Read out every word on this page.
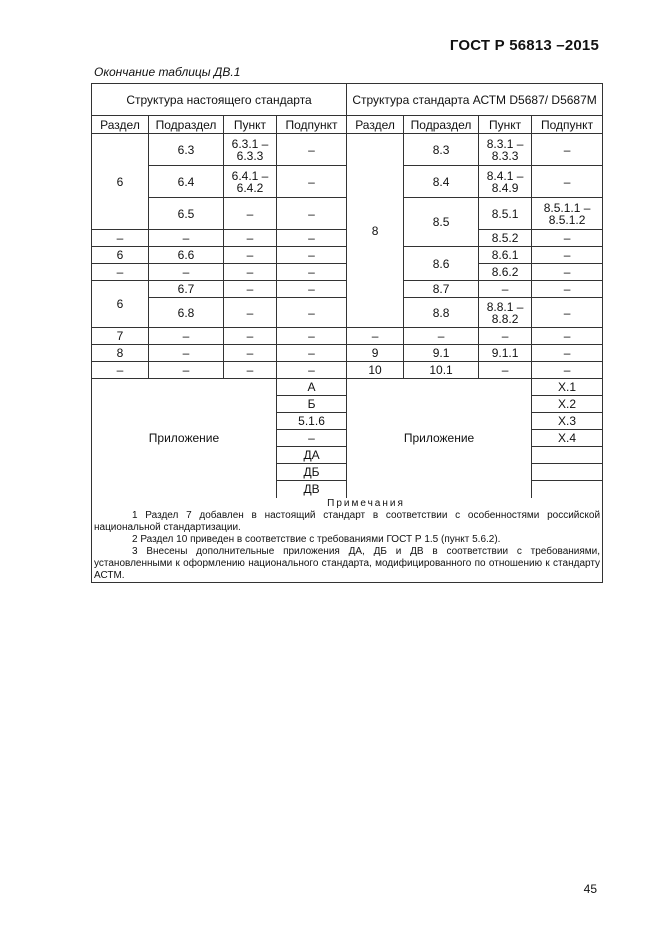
ГОСТ Р 56813 –2015
Окончание таблицы ДВ.1
Структура настоящего стандарта				Структура стандарта АСТМ D5687/ D5687M			
Раздел	Подраздел	Пункт	Подпункт	Раздел	Подраздел	Пункт	Подпункт
6	6.3	6.3.1 – 6.3.3	–	8	8.3	8.3.1 – 8.3.3	–
	6.4	6.4.1 – 6.4.2	–		8.4	8.4.1 – 8.4.9	–
	6.5	–	–		8.5	8.5.1	8.5.1.1 – 8.5.1.2
–	–	–	–			8.5.2	–
6	6.6	–	–		8.6	8.6.1	–
–	–	–	–			8.6.2	–
6	6.7	–	–		8.7	–	–
	6.8	–	–		8.8	8.8.1 – 8.8.2	–
7	–	–	–	–	–	–	–
8	–	–	–	9	9.1	9.1.1	–
–	–	–	–	10	10.1	–	–
Приложение			А	Приложение			Х.1
			Б				Х.2
			5.1.6				Х.3
			–				Х.4
			ДА				
			ДБ				
			ДВ				

Примечания
1 Раздел 7 добавлен в настоящий стандарт в соответствии с особенностями российской национальной стандартизации.
2 Раздел 10 приведен в соответствие с требованиями ГОСТ Р 1.5 (пункт 5.6.2).
3 Внесены дополнительные приложения ДА, ДБ и ДВ в соответствии с требованиями, установленными к оформлению национального стандарта, модифицированного по отношению к стандарту АСТМ.							
45
